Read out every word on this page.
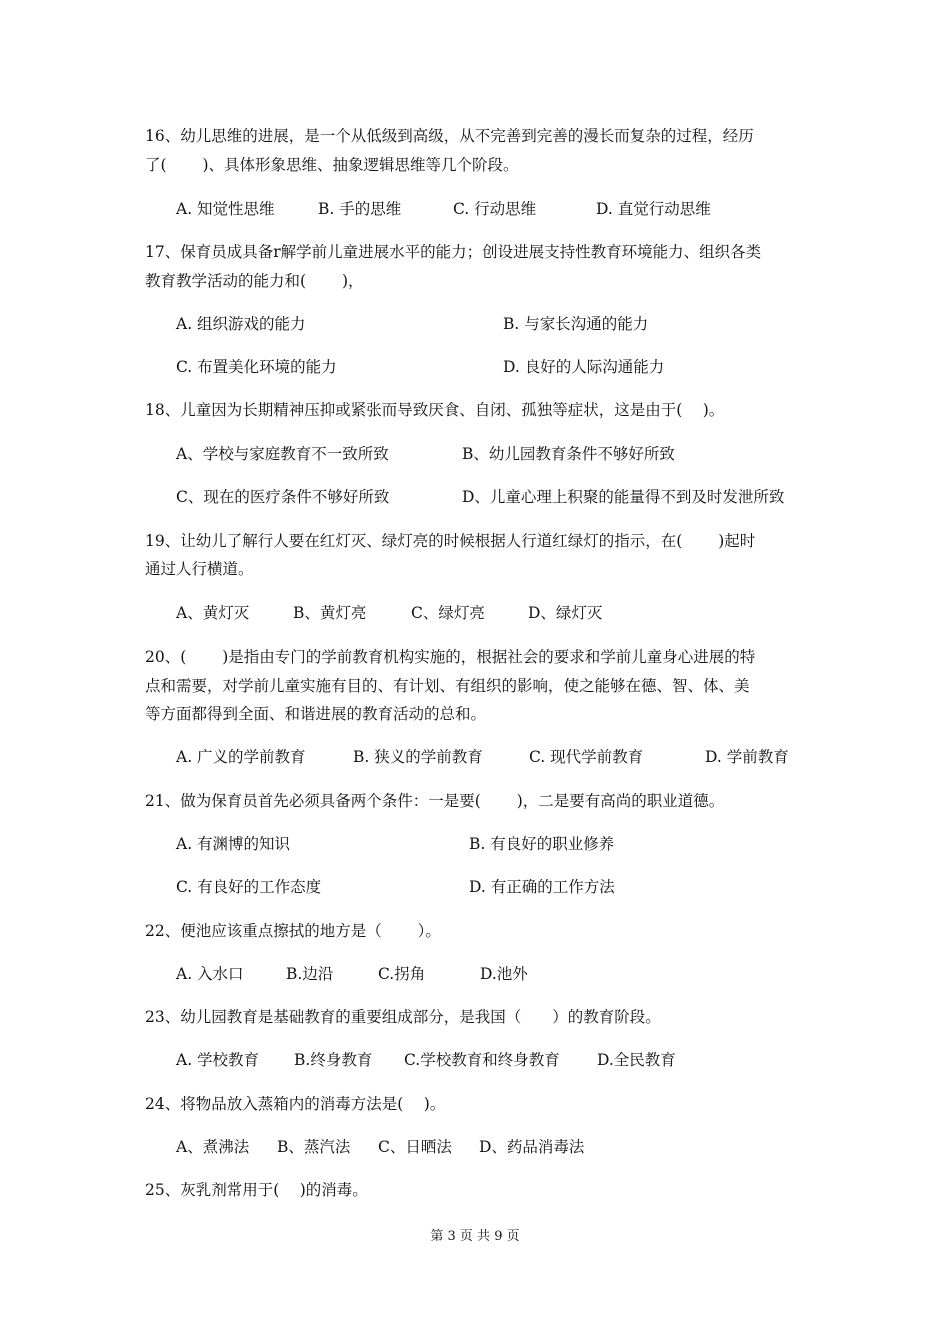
16、幼儿思维的进展，是一个从低级到高级，从不完善到完善的漫长而复杂的过程，经历
了(　　 )、具体形象思维、抽象逻辑思维等几个阶段。
A. 知觉性思维	B. 手的思维	C. 行动思维	D. 直觉行动思维
17、保育员成具备r解学前儿童进展水平的能力；创设进展支持性教育环境能力、组织各类
教育教学活动的能力和(　　 )，
A. 组织游戏的能力	B. 与家长沟通的能力
C. 布置美化环境的能力	D. 良好的人际沟通能力
18、儿童因为长期精神压抑或紧张而导致厌食、自闭、孤独等症状，这是由于(　 )。
A、学校与家庭教育不一致所致	B、幼儿园教育条件不够好所致
C、现在的医疗条件不够好所致	D、儿童心理上积聚的能量得不到及时发泄所致
19、让幼儿了解行人要在红灯灭、绿灯亮的时候根据人行道红绿灯的指示，在(　　 )起时
通过人行横道。
A、黄灯灭	B、黄灯亮	C、绿灯亮	D、绿灯灭
20、(　　 )是指由专门的学前教育机构实施的，根据社会的要求和学前儿童身心进展的特
点和需要，对学前儿童实施有目的、有计划、有组织的影响，使之能够在德、智、体、美
等方面都得到全面、和谐进展的教育活动的总和。
A. 广义的学前教育	B. 狭义的学前教育	C. 现代学前教育	D. 学前教育
21、做为保育员首先必须具备两个条件：一是要(　　 )，二是要有高尚的职业道德。
A. 有渊博的知识	B. 有良好的职业修养
C. 有良好的工作态度	D. 有正确的工作方法
22、便池应该重点擦拭的地方是（　　 ）。
A. 入水口	B.边沿	C.拐角	D.池外
23、幼儿园教育是基础教育的重要组成部分，是我国（　　）的教育阶段。
A. 学校教育 B.终身教育 C.学校教育和终身教育 D.全民教育
24、将物品放入蒸箱内的消毒方法是(　 )。
A、煮沸法 B、蒸汽法 C、日晒法 D、药品消毒法
25、灰乳剂常用于(　 )的消毒。
第 3 页 共 9 页
